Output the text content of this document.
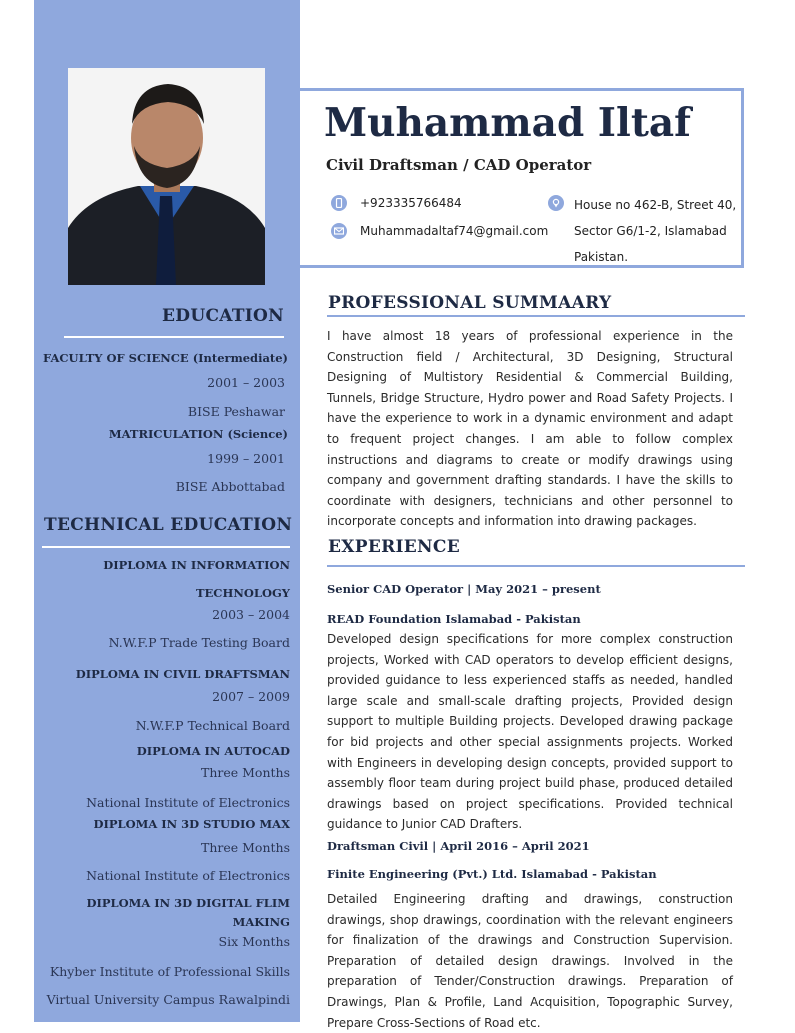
Muhammad Iltaf
Civil Draftsman / CAD Operator
+923335766484
Muhammadaltaf74@gmail.com
House no 462-B, Street 40,
Sector G6/1-2, Islamabad
Pakistan.
PROFESSIONAL SUMMAARY
I have almost 18 years of professional experience in the Construction field / Architectural, 3D Designing, Structural Designing of Multistory Residential & Commercial Building, Tunnels, Bridge Structure, Hydro power and Road Safety Projects. I have the experience to work in a dynamic environment and adapt to frequent project changes. I am able to follow complex instructions and diagrams to create or modify drawings using company and government drafting standards. I have the skills to coordinate with designers, technicians and other personnel to incorporate concepts and information into drawing packages.
EXPERIENCE
Senior CAD Operator | May 2021 – present
READ Foundation Islamabad - Pakistan
Developed design specifications for more complex construction projects, Worked with CAD operators to develop efficient designs, provided guidance to less experienced staffs as needed, handled large scale and small-scale drafting projects, Provided design support to multiple Building projects. Developed drawing package for bid projects and other special assignments projects. Worked with Engineers in developing design concepts, provided support to assembly floor team during project build phase, produced detailed drawings based on project specifications. Provided technical guidance to Junior CAD Drafters.
Draftsman Civil | April 2016 – April 2021
Finite Engineering (Pvt.) Ltd. Islamabad - Pakistan
Detailed Engineering drafting and drawings, construction drawings, shop drawings, coordination with the relevant engineers for finalization of the drawings and Construction Supervision. Preparation of detailed design drawings. Involved in the preparation of Tender/Construction drawings. Preparation of Drawings, Plan & Profile, Land Acquisition, Topographic Survey, Prepare Cross-Sections of Road etc.
EDUCATION
FACULTY OF SCIENCE (Intermediate)
2001 – 2003
BISE Peshawar
MATRICULATION (Science)
1999 – 2001
BISE Abbottabad
TECHNICAL EDUCATION
DIPLOMA IN INFORMATION
TECHNOLOGY
2003 – 2004
N.W.F.P Trade Testing Board
DIPLOMA IN CIVIL DRAFTSMAN
2007 – 2009
N.W.F.P Technical Board
DIPLOMA IN AUTOCAD
Three Months
National Institute of Electronics
DIPLOMA IN 3D STUDIO MAX
Three Months
National Institute of Electronics
DIPLOMA IN 3D DIGITAL FLIM
MAKING
Six Months
Khyber Institute of Professional Skills
Virtual University Campus Rawalpindi
